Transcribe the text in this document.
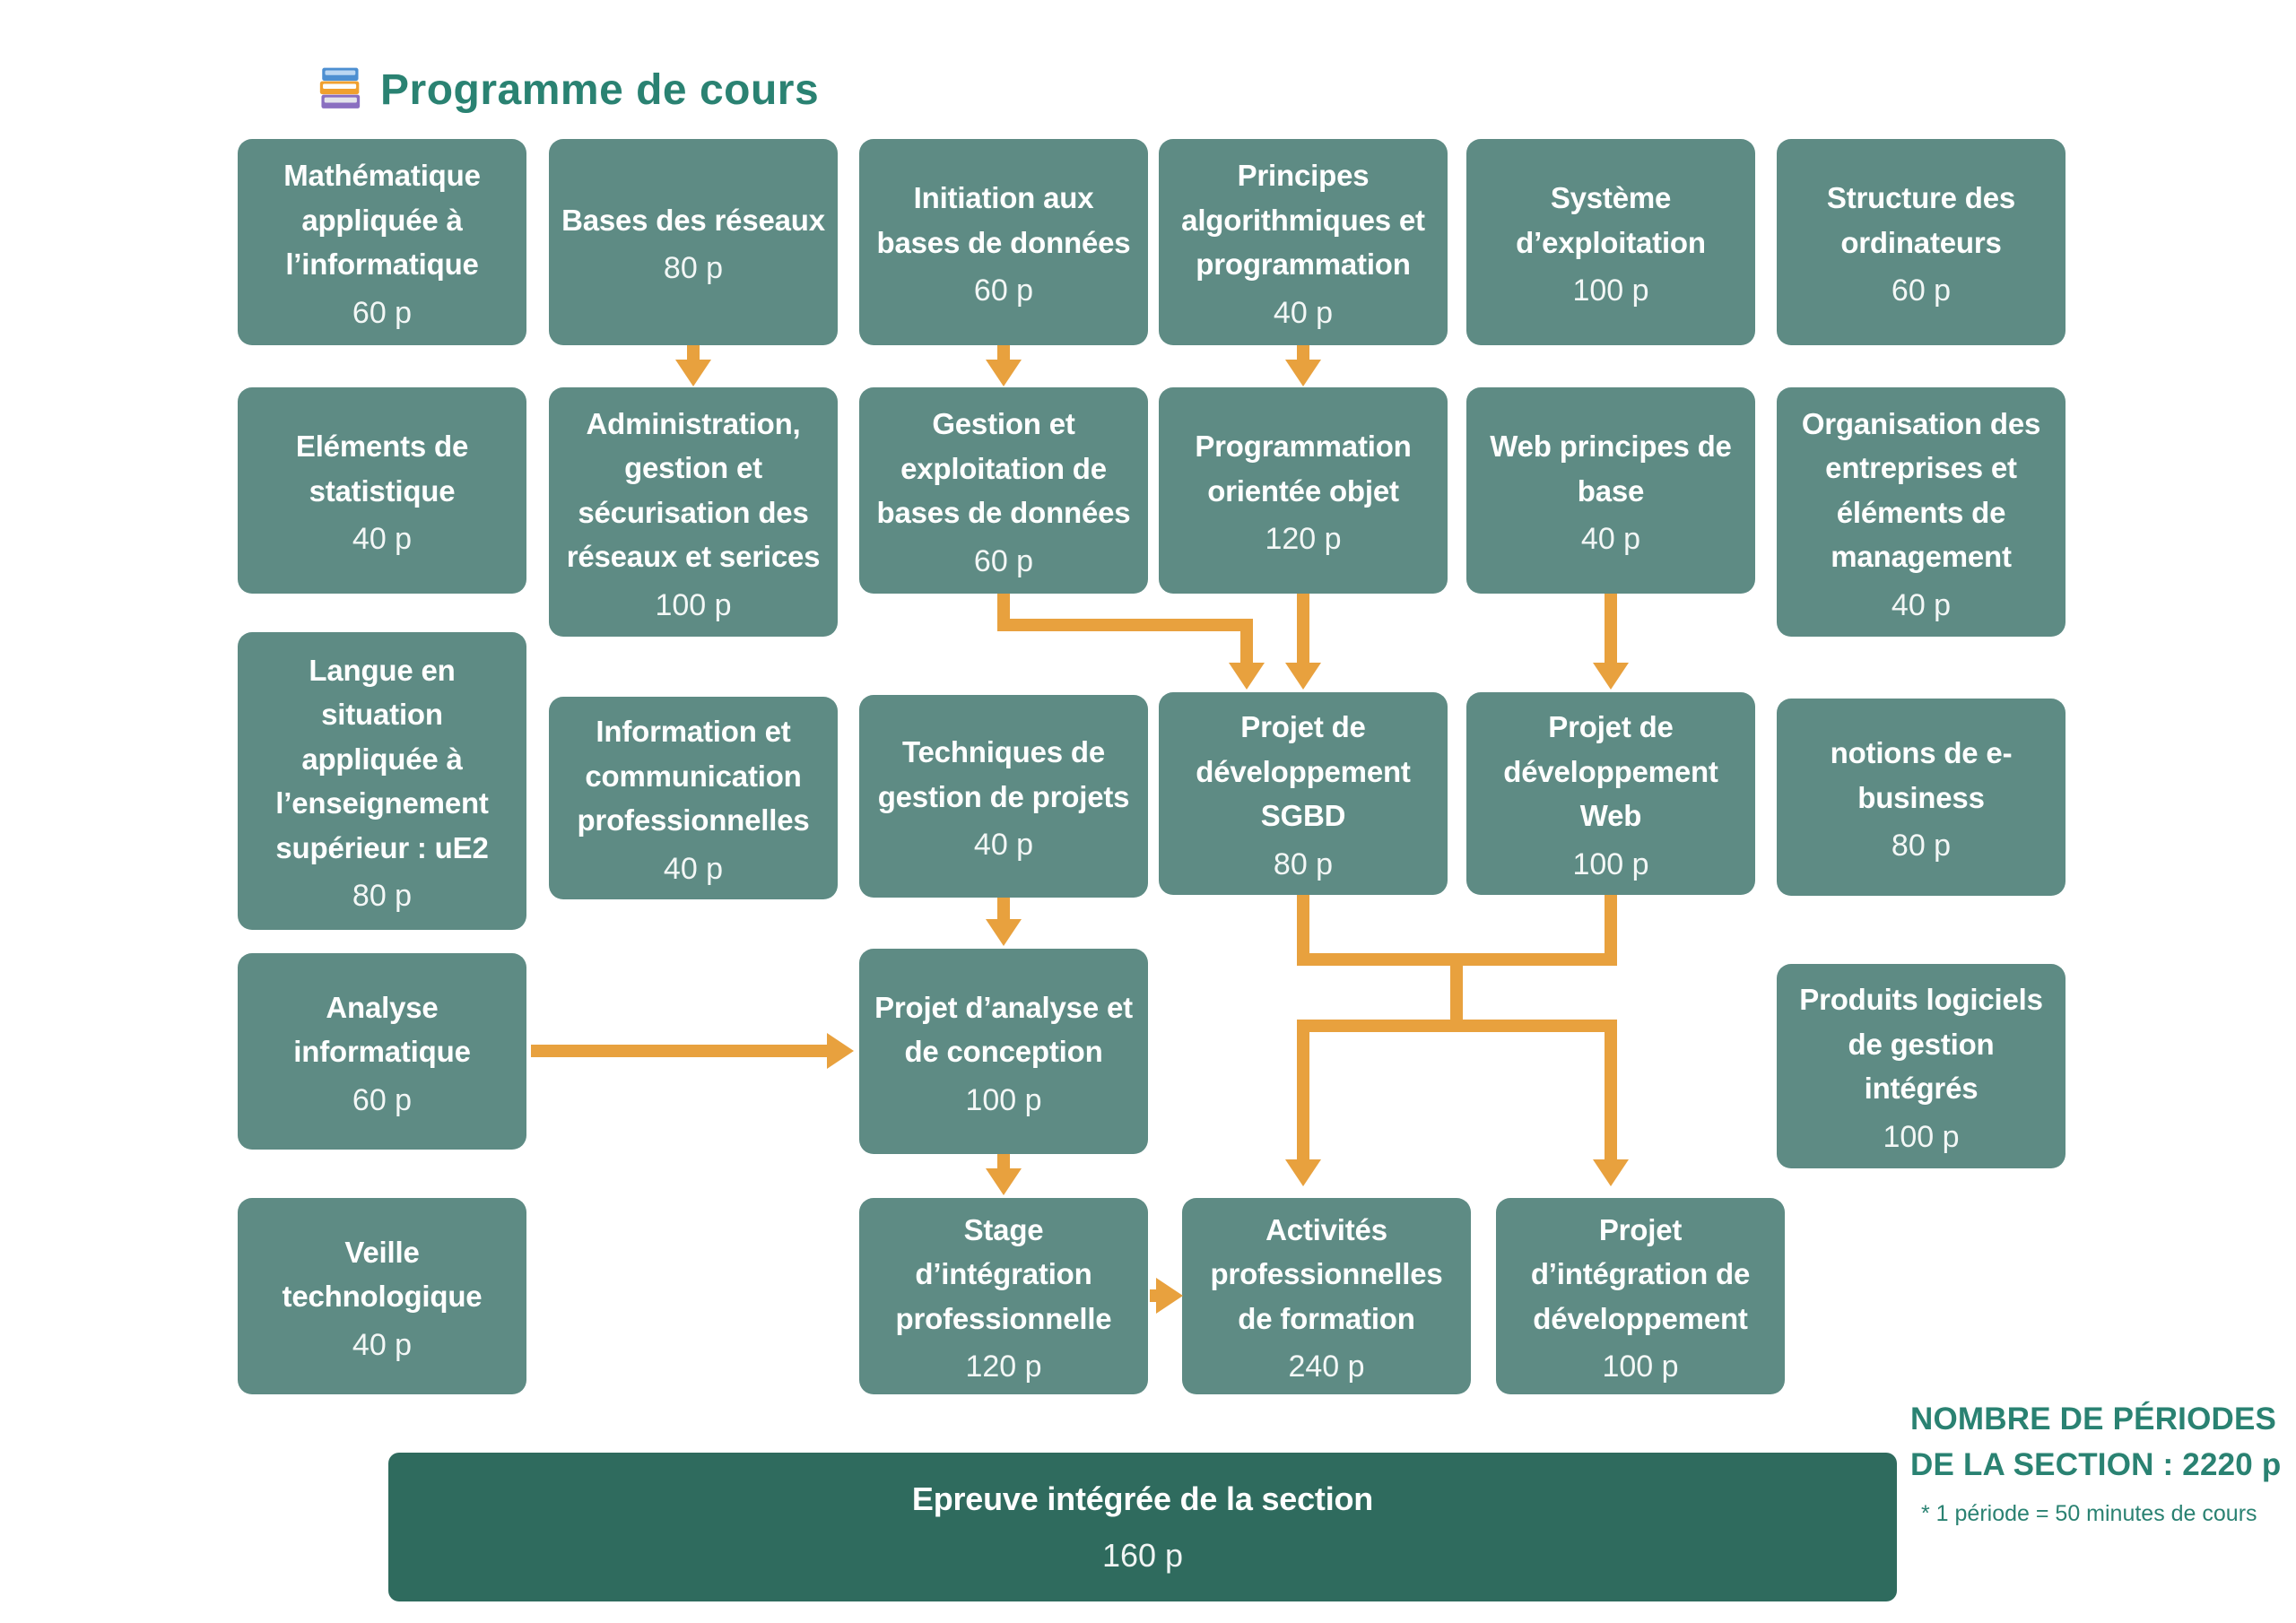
Programme de cours
Mathématique appliquée à l’informatique
60 p
Bases des réseaux
80 p
Initiation aux bases de données
60 p
Principes algorithmiques et programmation
40 p
Système d’exploitation
100 p
Structure des ordinateurs
60 p
Eléments de statistique
40 p
Administration, gestion et sécurisation des réseaux et serices
100 p
Gestion et exploitation de bases de données
60 p
Programmation orientée objet
120 p
Web principes de base
40 p
Organisation des entreprises et éléments de management
40 p
Langue en situation appliquée à l’enseignement supérieur : uE2
80 p
Information et communication professionnelles
40 p
Techniques de gestion de projets
40 p
Projet de développement SGBD
80 p
Projet de développement Web
100 p
notions de e-business
80 p
Analyse informatique
60 p
Projet d’analyse et de conception
100 p
Produits logiciels de gestion intégrés
100 p
Veille technologique
40 p
Stage d’intégration professionnelle
120 p
Activités professionnelles de formation
240 p
Projet d’intégration de développement
100 p
Epreuve intégrée de la section
160 p
NOMBRE DE PÉRIODES
DE LA SECTION : 2220 p
* 1 période = 50 minutes de cours
